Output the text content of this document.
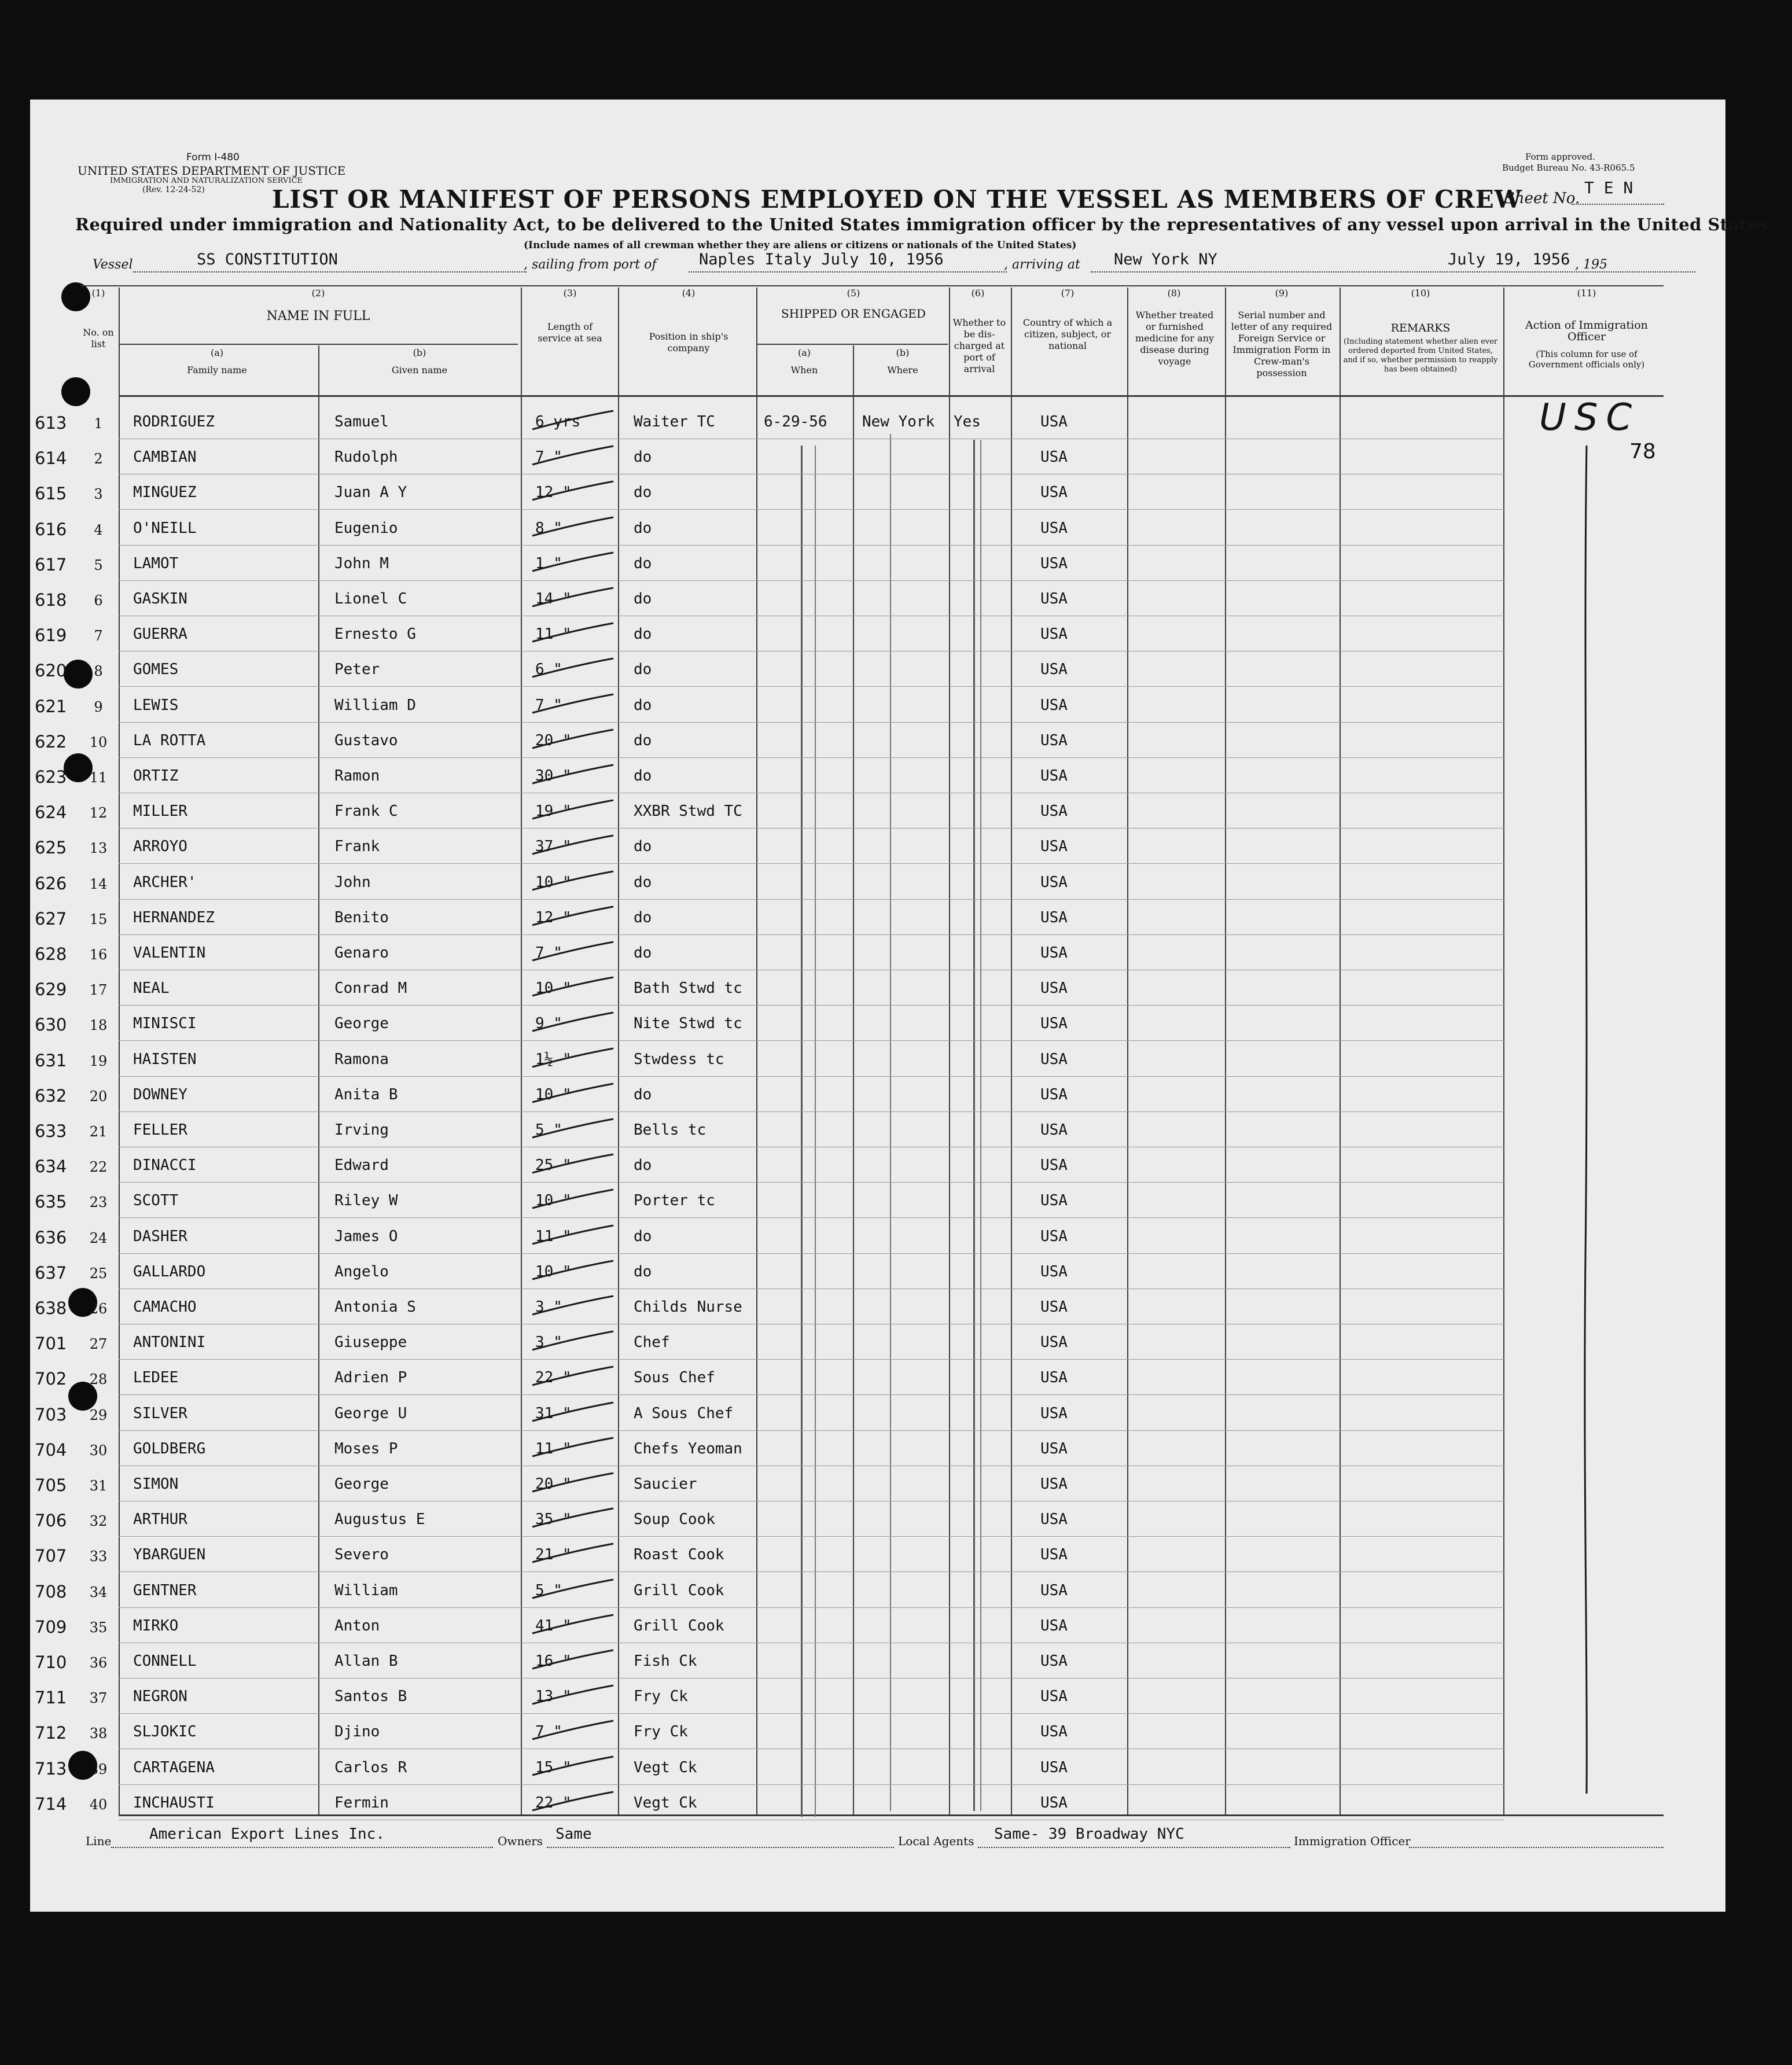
Form I-480
UNITED STATES DEPARTMENT OF JUSTICE
IMMIGRATION AND NATURALIZATION SERVICE
(Rev. 12-24-52)
Form approved.
Budget Bureau No. 43-R065.5
LIST OR MANIFEST OF PERSONS EMPLOYED ON THE VESSEL AS MEMBERS OF CREW
Sheet No.
T E N
Required under immigration and Nationality Act, to be delivered to the United States immigration officer by the representatives of any vessel upon arrival in the United States
(Include names of all crewman whether they are aliens or citizens or nationals of the United States)
Vessel	SS CONSTITUTION	, sailing from port of	Naples Italy July 10, 1956	, arriving at New York NY	July 19, 1956 , 195
(1)
No. on list
(2)
NAME IN FULL
(a)
Family name
(b)
Given name
(3)
Length of service at sea
(4)
Position in ship's company
(5)
SHIPPED OR ENGAGED
(a)
When
(b)
Where
(6)
Whether to be dis-charged at port of arrival
(7)
Country of which a citizen, subject, or national
(8)
Whether treated or furnished medicine for any disease during voyage
(9)
Serial number and letter of any required Foreign Service or Immigration Form in Crew-man's possession
(10)
REMARKS
(Including statement whether alien ever ordered deported from United States, and if so, whether permission to reapply has been obtained)
(11)
Action of Immigration Officer
(This column for use of Government officials only)
613	1	RODRIGUEZ	Samuel	6 yrs	Waiter TC	6-29-56 New York Yes	USA
614	2	CAMBIAN	Rudolph	7 "	do	USA
615	3	MINGUEZ	Juan A Y	12 "	do	USA
616	4	O'NEILL	Eugenio	8 "	do	USA
617	5	LAMOT	John M	1 "	do	USA
618	6	GASKIN	Lionel C	14 "	do	USA
619	7	GUERRA	Ernesto G	11 "	do	USA
620	8	GOMES	Peter	6 "	do	USA
621	9	LEWIS	William D	7 "	do	USA
622	10	LA ROTTA	Gustavo	20 "	do	USA
623	11	ORTIZ	Ramon	30 "	do	USA
624	12	MILLER	Frank C	19 "	XXBR Stwd TC	USA
625	13	ARROYO	Frank	37 "	do	USA
626	14	ARCHER'	John	10 "	do	USA
627	15	HERNANDEZ	Benito	12 "	do	USA
628	16	VALENTIN	Genaro	7 "	do	USA
629	17	NEAL	Conrad M	10 "	Bath Stwd tc	USA
630	18	MINISCI	George	9 "	Nite Stwd tc	USA
631	19	HAISTEN	Ramona	1½ "	Stwdess tc	USA
632	20	DOWNEY	Anita B	10 "	do	USA
633	21	FELLER	Irving	5 "	Bells tc	USA
634	22	DINACCI	Edward	25 "	do	USA
635	23	SCOTT	Riley W	10 "	Porter tc	USA
636	24	DASHER	James O	11 "	do	USA
637	25	GALLARDO	Angelo	10 "	do	USA
638	26	CAMACHO	Antonia S	3 "	Childs Nurse	USA
701	27	ANTONINI	Giuseppe	3 "	Chef	USA
702	28	LEDEE	Adrien P	22 "	Sous Chef	USA
703	29	SILVER	George U	31 "	A Sous Chef	USA
704	30	GOLDBERG	Moses P	11 "	Chefs Yeoman	USA
705	31	SIMON	George	20 "	Saucier	USA
706	32	ARTHUR	Augustus E	35 "	Soup Cook	USA
707	33	YBARGUEN	Severo	21 "	Roast Cook	USA
708	34	GENTNER	William	5 "	Grill Cook	USA
709	35	MIRKO	Anton	41 "	Grill Cook	USA
710	36	CONNELL	Allan B	16 "	Fish Ck	USA
711	37	NEGRON	Santos B	13 "	Fry Ck	USA
712	38	SLJOKIC	Djino	7 "	Fry Ck	USA
713	39	CARTAGENA	Carlos R	15 "	Vegt Ck	USA
714	40	INCHAUSTI	Fermin	22 "	Vegt Ck	USA
USC
78
Line	American Export Lines Inc.	Owners Same	Local Agents Same- 39 Broadway NYC	Immigration Officer
